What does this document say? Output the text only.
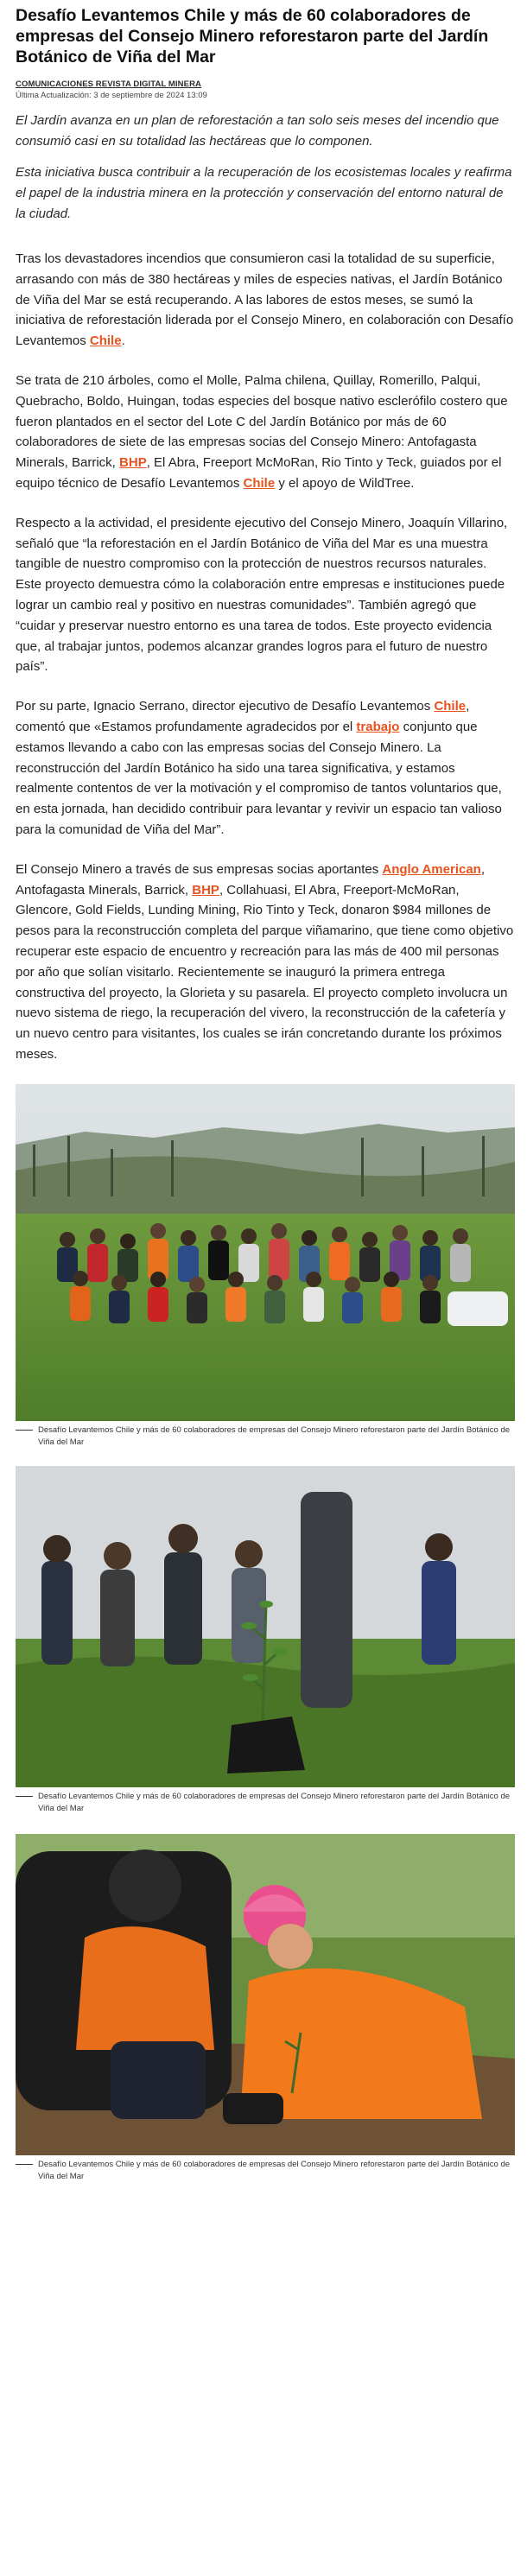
Desafío Levantemos Chile y más de 60 colaboradores de empresas del Consejo Minero reforestaron parte del Jardín Botánico de Viña del Mar
COMUNICACIONES REVISTA DIGITAL MINERA
Última Actualización: 3 de septiembre de 2024 13:09

El Jardín avanza en un plan de reforestación a tan solo seis meses del incendio que consumió casi en su totalidad las hectáreas que lo componen.

Esta iniciativa busca contribuir a la recuperación de los ecosistemas locales y reafirma el papel de la industria minera en la protección y conservación del entorno natural de la ciudad.

Tras los devastadores incendios que consumieron casi la totalidad de su superficie, arrasando con más de 380 hectáreas y miles de especies nativas, el Jardín Botánico de Viña del Mar se está recuperando. A las labores de estos meses, se sumó la iniciativa de reforestación liderada por el Consejo Minero, en colaboración con Desafío Levantemos Chile.

Se trata de 210 árboles, como el Molle, Palma chilena, Quillay, Romerillo, Palqui, Quebracho, Boldo, Huingan, todas especies del bosque nativo esclerófilo costero que fueron plantados en el sector del Lote C del Jardín Botánico por más de 60 colaboradores de siete de las empresas socias del Consejo Minero: Antofagasta Minerals, Barrick, BHP, El Abra, Freeport McMoRan, Rio Tinto y Teck, guiados por el equipo técnico de Desafío Levantemos Chile y el apoyo de WildTree.

Respecto a la actividad, el presidente ejecutivo del Consejo Minero, Joaquín Villarino, señaló que “la reforestación en el Jardín Botánico de Viña del Mar es una muestra tangible de nuestro compromiso con la protección de nuestros recursos naturales. Este proyecto demuestra cómo la colaboración entre empresas e instituciones puede lograr un cambio real y positivo en nuestras comunidades”. También agregó que “cuidar y preservar nuestro entorno es una tarea de todos. Este proyecto evidencia que, al trabajar juntos, podemos alcanzar grandes logros para el futuro de nuestro país”.

Por su parte, Ignacio Serrano, director ejecutivo de Desafío Levantemos Chile, comentó que «Estamos profundamente agradecidos por el trabajo conjunto que estamos llevando a cabo con las empresas socias del Consejo Minero. La reconstrucción del Jardín Botánico ha sido una tarea significativa, y estamos realmente contentos de ver la motivación y el compromiso de tantos voluntarios que, en esta jornada, han decidido contribuir para levantar y revivir un espacio tan valioso para la comunidad de Viña del Mar”.

El Consejo Minero a través de sus empresas socias aportantes Anglo American, Antofagasta Minerals, Barrick, BHP, Collahuasi, El Abra, Freeport-McMoRan, Glencore, Gold Fields, Lunding Mining, Rio Tinto y Teck, donaron $984 millones de pesos para la reconstrucción completa del parque viñamarino, que tiene como objetivo recuperar este espacio de encuentro y recreación para las más de 400 mil personas por año que solían visitarlo. Recientemente se inauguró la primera entrega constructiva del proyecto, la Glorieta y su pasarela. El proyecto completo involucra un nuevo sistema de riego, la recuperación del vivero, la reconstrucción de la cafetería y un nuevo centro para visitantes, los cuales se irán concretando durante los próximos meses.

Desafío Levantemos Chile y más de 60 colaboradores de empresas del Consejo Minero reforestaron parte del Jardín Botánico de Viña del Mar
Desafío Levantemos Chile y más de 60 colaboradores de empresas del Consejo Minero reforestaron parte del Jardín Botánico de Viña del Mar
Desafío Levantemos Chile y más de 60 colaboradores de empresas del Consejo Minero reforestaron parte del Jardín Botánico de Viña del Mar
